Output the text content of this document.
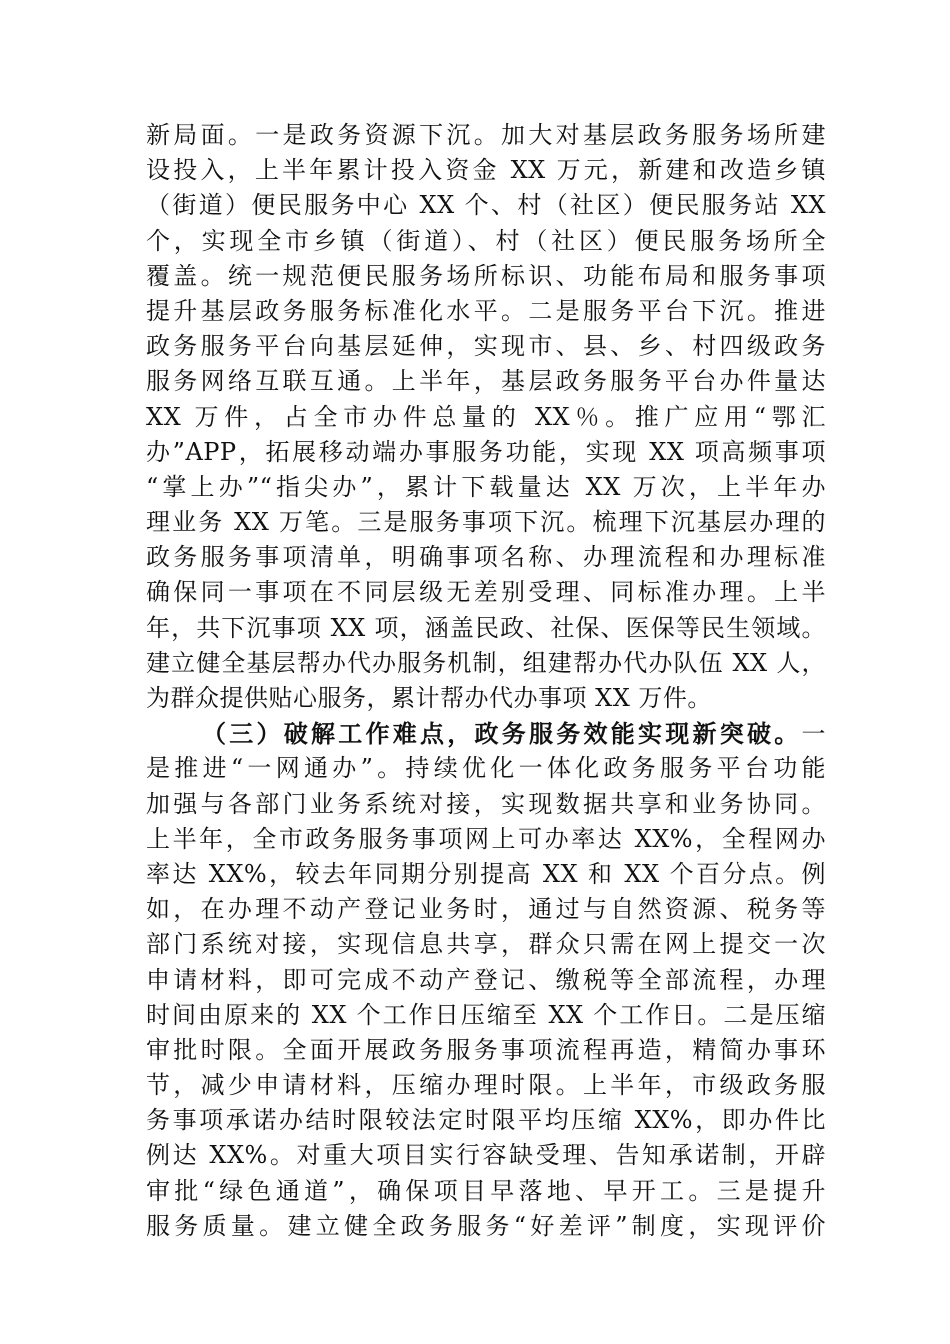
新局面。一是政务资源下沉。加大对基层政务服务场所建
设投入，上半年累计投入资金 XX 万元，新建和改造乡镇
（街道）便民服务中心 XX 个、村（社区）便民服务站 XX
个，实现全市乡镇（街道）、村（社区）便民服务场所全
覆盖。统一规范便民服务场所标识、功能布局和服务事项
提升基层政务服务标准化水平。二是服务平台下沉。推进
政务服务平台向基层延伸，实现市、县、乡、村四级政务
服务网络互联互通。上半年，基层政务服务平台办件量达
XX 万件，占全市办件总量的 XX％。推广应用“鄂汇
办”APP，拓展移动端办事服务功能，实现 XX 项高频事项
“掌上办”“指尖办”，累计下载量达 XX 万次，上半年办
理业务 XX 万笔。三是服务事项下沉。梳理下沉基层办理的
政务服务事项清单，明确事项名称、办理流程和办理标准
确保同一事项在不同层级无差别受理、同标准办理。上半
年，共下沉事项 XX 项，涵盖民政、社保、医保等民生领域。
建立健全基层帮办代办服务机制，组建帮办代办队伍 XX 人，
为群众提供贴心服务，累计帮办代办事项 XX 万件。
（三）破解工作难点，政务服务效能实现新突破。一
是推进“一网通办”。持续优化一体化政务服务平台功能
加强与各部门业务系统对接，实现数据共享和业务协同。
上半年，全市政务服务事项网上可办率达 XX%，全程网办
率达 XX%，较去年同期分别提高 XX 和 XX 个百分点。例
如，在办理不动产登记业务时，通过与自然资源、税务等
部门系统对接，实现信息共享，群众只需在网上提交一次
申请材料，即可完成不动产登记、缴税等全部流程，办理
时间由原来的 XX 个工作日压缩至 XX 个工作日。二是压缩
审批时限。全面开展政务服务事项流程再造，精简办事环
节，减少申请材料，压缩办理时限。上半年，市级政务服
务事项承诺办结时限较法定时限平均压缩 XX%，即办件比
例达 XX%。对重大项目实行容缺受理、告知承诺制，开辟
审批“绿色通道”，确保项目早落地、早开工。三是提升
服务质量。建立健全政务服务“好差评”制度，实现评价
